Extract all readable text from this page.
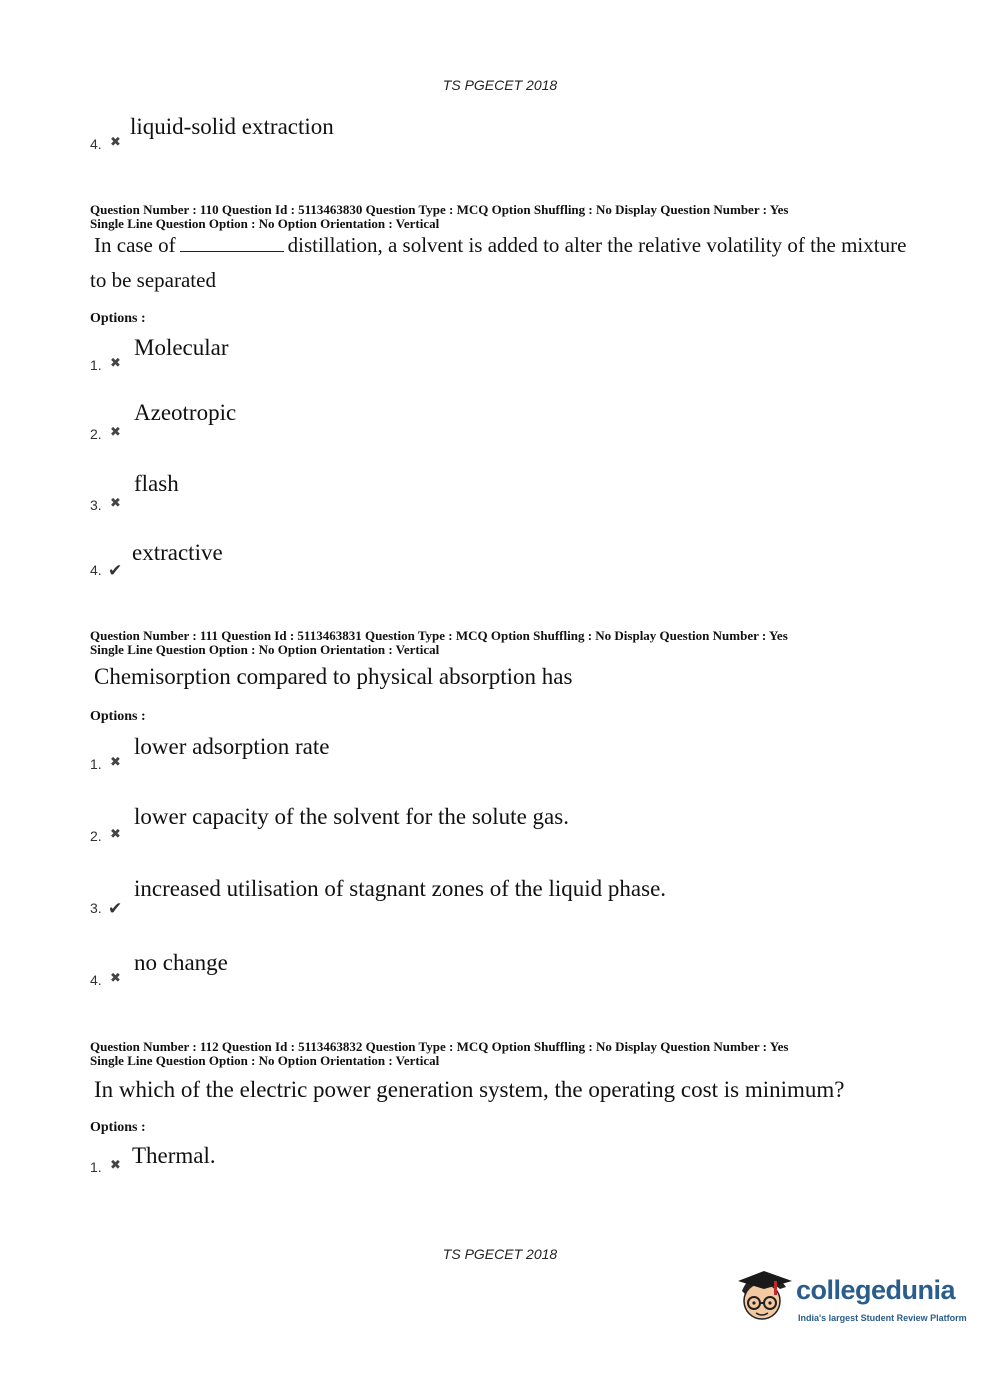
TS PGECET 2018
4. ✖
liquid-solid extraction
Question Number : 110 Question Id : 5113463830 Question Type : MCQ Option Shuffling : No Display Question Number : Yes
Single Line Question Option : No Option Orientation : Vertical
In case of	distillation, a solvent is added to alter the relative volatility of the mixture
to be separated
Options :
1. ✖
Molecular
2. ✖
Azeotropic
3. ✖
flash
4. ✔
extractive
Question Number : 111 Question Id : 5113463831 Question Type : MCQ Option Shuffling : No Display Question Number : Yes
Single Line Question Option : No Option Orientation : Vertical
Chemisorption compared to physical absorption has
Options :
1. ✖
lower adsorption rate
2. ✖
lower capacity of the solvent for the solute gas.
3. ✔
increased utilisation of stagnant zones of the liquid phase.
4. ✖
no change
Question Number : 112 Question Id : 5113463832 Question Type : MCQ Option Shuffling : No Display Question Number : Yes
Single Line Question Option : No Option Orientation : Vertical
In which of the electric power generation system, the operating cost is minimum?
Options :
1. ✖ Thermal.
TS PGECET 2018
collegedunia
India's largest Student Review Platform
